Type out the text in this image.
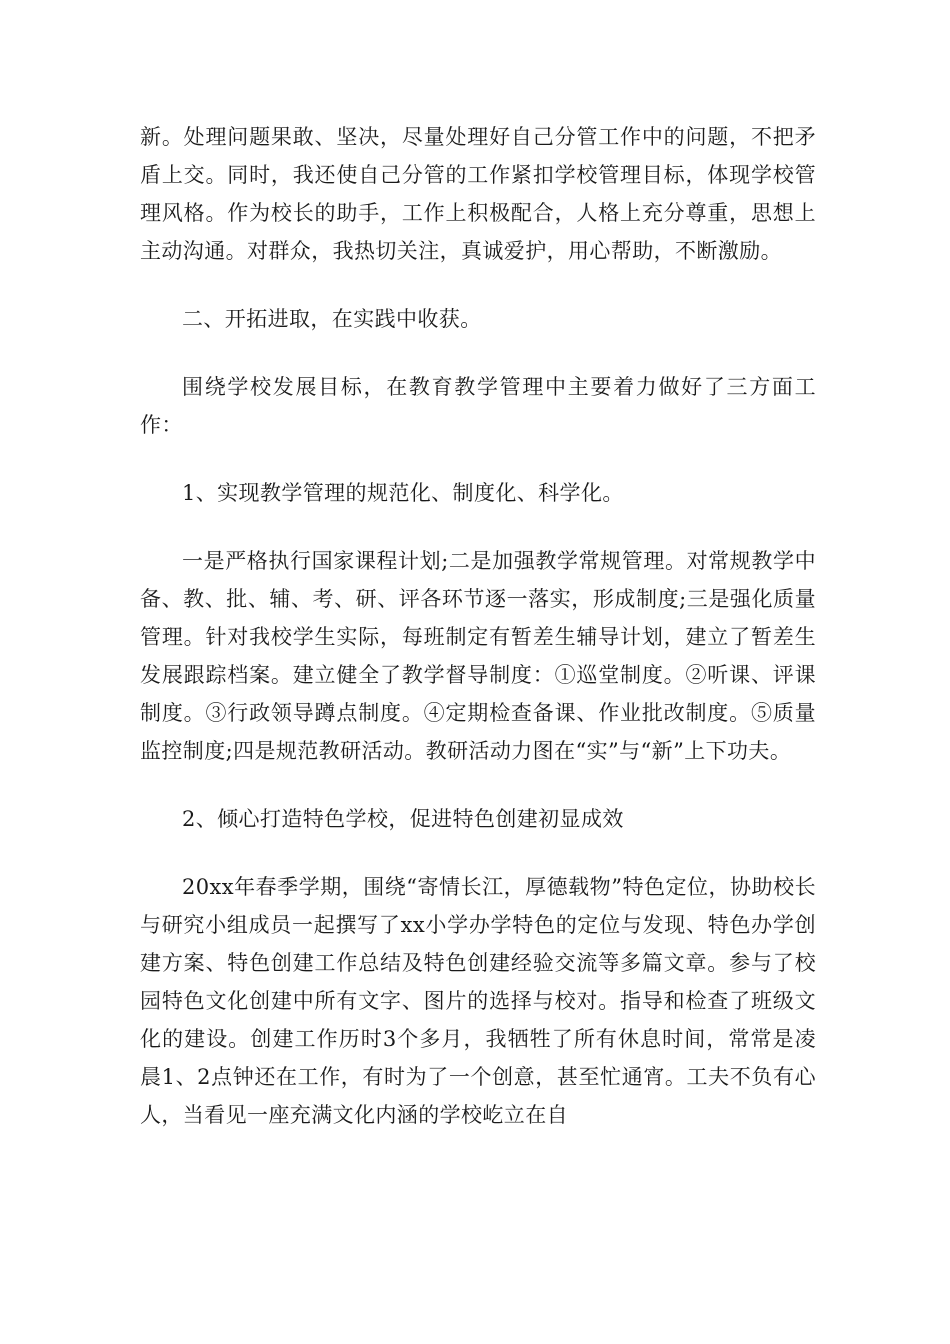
新。处理问题果敢、坚决，尽量处理好自己分管工作中的问题，不把矛盾上交。同时，我还使自己分管的工作紧扣学校管理目标，体现学校管理风格。作为校长的助手，工作上积极配合，人格上充分尊重，思想上主动沟通。对群众，我热切关注，真诚爱护，用心帮助，不断激励。

二、开拓进取，在实践中收获。

围绕学校发展目标，在教育教学管理中主要着力做好了三方面工作：

1、实现教学管理的规范化、制度化、科学化。

一是严格执行国家课程计划;二是加强教学常规管理。对常规教学中备、教、批、辅、考、研、评各环节逐一落实，形成制度;三是强化质量管理。针对我校学生实际，每班制定有暂差生辅导计划，建立了暂差生发展跟踪档案。建立健全了教学督导制度：①巡堂制度。②听课、评课制度。③行政领导蹲点制度。④定期检查备课、作业批改制度。⑤质量监控制度;四是规范教研活动。教研活动力图在“实”与“新”上下功夫。

2、倾心打造特色学校，促进特色创建初显成效

20xx年春季学期，围绕“寄情长江，厚德载物”特色定位，协助校长与研究小组成员一起撰写了xx小学办学特色的定位与发现、特色办学创建方案、特色创建工作总结及特色创建经验交流等多篇文章。参与了校园特色文化创建中所有文字、图片的选择与校对。指导和检查了班级文化的建设。创建工作历时3个多月，我牺牲了所有休息时间，常常是凌晨1、2点钟还在工作，有时为了一个创意，甚至忙通宵。工夫不负有心人，当看见一座充满文化内涵的学校屹立在自
